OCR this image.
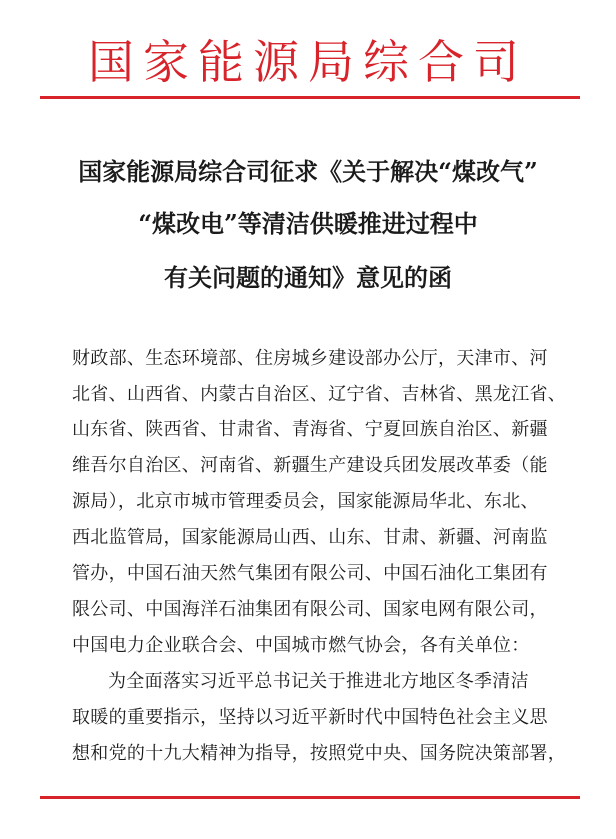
国家能源局综合司
国家能源局综合司征求《关于解决“煤改气”
“煤改电”等清洁供暖推进过程中
有关问题的通知》意见的函
财政部、生态环境部、住房城乡建设部办公厅，天津市、河
北省、山西省、内蒙古自治区、辽宁省、吉林省、黑龙江省、
山东省、陕西省、甘肃省、青海省、宁夏回族自治区、新疆
维吾尔自治区、河南省、新疆生产建设兵团发展改革委（能
源局），北京市城市管理委员会，国家能源局华北、东北、
西北监管局，国家能源局山西、山东、甘肃、新疆、河南监
管办，中国石油天然气集团有限公司、中国石油化工集团有
限公司、中国海洋石油集团有限公司、国家电网有限公司，
中国电力企业联合会、中国城市燃气协会，各有关单位：
为全面落实习近平总书记关于推进北方地区冬季清洁
取暖的重要指示，坚持以习近平新时代中国特色社会主义思
想和党的十九大精神为指导，按照党中央、国务院决策部署，
